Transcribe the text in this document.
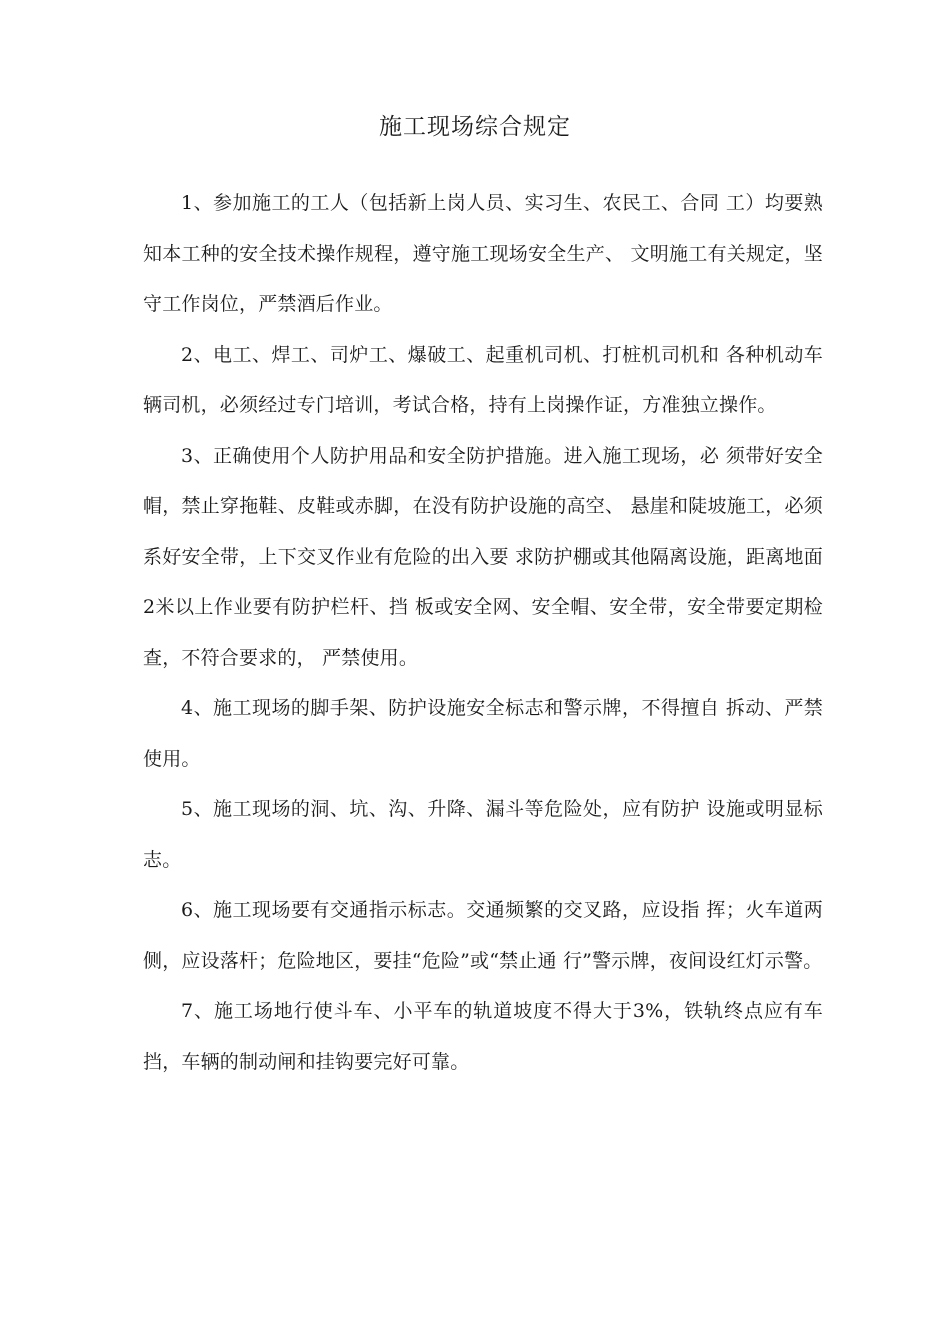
施工现场综合规定

1、参加施工的工人（包括新上岗人员、实习生、农民工、合同 工）均要熟知本工种的安全技术操作规程，遵守施工现场安全生产、 文明施工有关规定，坚守工作岗位，严禁酒后作业。

2、电工、焊工、司炉工、爆破工、起重机司机、打桩机司机和 各种机动车辆司机，必须经过专门培训，考试合格，持有上岗操作证，方准独立操作。

3、正确使用个人防护用品和安全防护措施。进入施工现场，必 须带好安全帽，禁止穿拖鞋、皮鞋或赤脚，在没有防护设施的高空、 悬崖和陡坡施工，必须系好安全带，上下交叉作业有危险的出入要 求防护棚或其他隔离设施，距离地面2米以上作业要有防护栏杆、挡 板或安全网、安全帽、安全带，安全带要定期检查，不符合要求的， 严禁使用。

4、施工现场的脚手架、防护设施安全标志和警示牌，不得擅自 拆动、严禁使用。

5、施工现场的洞、坑、沟、升降、漏斗等危险处，应有防护 设施或明显标志。

6、施工现场要有交通指示标志。交通频繁的交叉路，应设指 挥；火车道两侧，应设落杆；危险地区，要挂“危险”或“禁止通 行”警示牌，夜间设红灯示警。

7、施工场地行使斗车、小平车的轨道坡度不得大于3%，铁轨终点应有车挡，车辆的制动闸和挂钩要完好可靠。
